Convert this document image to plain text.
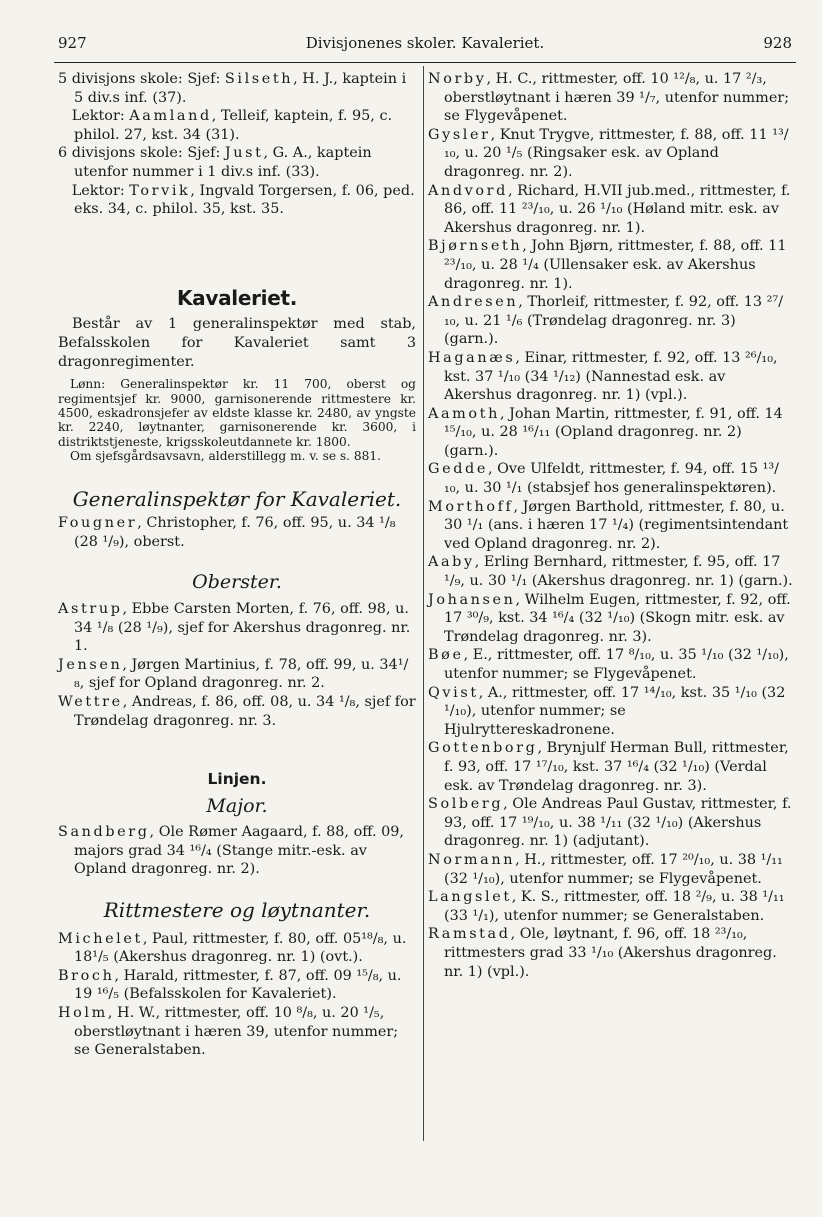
927	Divisjonenes skoler. Kavaleriet.	928

5 divisjons skole: Sjef: Silseth, H. J., kaptein i 5 div.s inf. (37).

Lektor: Aamland, Telleif, kaptein, f. 95, c. philol. 27, kst. 34 (31).

6 divisjons skole: Sjef: Just, G. A., kaptein utenfor nummer i 1 div.s inf. (33).

Lektor: Torvik, Ingvald Torgersen, f. 06, ped. eks. 34, c. philol. 35, kst. 35.

Kavaleriet.

Består av 1 generalinspektør med stab, Befalsskolen for Kavaleriet samt 3 dragonregimenter.

Lønn: Generalinspektør kr. 11 700, oberst og regimentsjef kr. 9000, garnisonerende rittmestere kr. 4500, eskadronsjefer av eldste klasse kr. 2480, av yngste kr. 2240, løytnanter, garnisonerende kr. 3600, i distriktstjeneste, krigsskoleutdannete kr. 1800.

Om sjefsgårdsavsavn, alderstillegg m. v. se s. 881.

Generalinspektør for Kavaleriet.

Fougner, Christopher, f. 76, off. 95, u. 34 ¹/₈ (28 ¹/₉), oberst.

Oberster.

Astrup, Ebbe Carsten Morten, f. 76, off. 98, u. 34 ¹/₈ (28 ¹/₉), sjef for Akershus dragonreg. nr. 1.

Jensen, Jørgen Martinius, f. 78, off. 99, u. 34¹/₈, sjef for Opland dragonreg. nr. 2.

Wettre, Andreas, f. 86, off. 08, u. 34 ¹/₈, sjef for Trøndelag dragonreg. nr. 3.

Linjen.

Major.

Sandberg, Ole Rømer Aagaard, f. 88, off. 09, majors grad 34 ¹⁶/₄ (Stange mitr.-esk. av Opland dragonreg. nr. 2).

Rittmestere og løytnanter.

Michelet, Paul, rittmester, f. 80, off. 05¹⁸/₈, u. 18¹/₅ (Akershus dragonreg. nr. 1) (ovt.).

Broch, Harald, rittmester, f. 87, off. 09 ¹⁵/₈, u. 19 ¹⁶/₅ (Befalsskolen for Kavaleriet).

Holm, H. W., rittmester, off. 10 ⁸/₈, u. 20 ¹/₅, oberstløytnant i hæren 39, utenfor nummer; se Generalstaben.

Norby, H. C., rittmester, off. 10 ¹²/₈, u. 17 ²/₃, oberstløytnant i hæren 39 ¹/₇, utenfor nummer; se Flygevåpenet.

Gysler, Knut Trygve, rittmester, f. 88, off. 11 ¹³/₁₀, u. 20 ¹/₅ (Ringsaker esk. av Opland dragonreg. nr. 2).

Andvord, Richard, H.VII jub.med., rittmester, f. 86, off. 11 ²³/₁₀, u. 26 ¹/₁₀ (Høland mitr. esk. av Akershus dragonreg. nr. 1).

Bjørnseth, John Bjørn, rittmester, f. 88, off. 11 ²³/₁₀, u. 28 ¹/₄ (Ullensaker esk. av Akershus dragonreg. nr. 1).

Andresen, Thorleif, rittmester, f. 92, off. 13 ²⁷/₁₀, u. 21 ¹/₆ (Trøndelag dragonreg. nr. 3) (garn.).

Haganæs, Einar, rittmester, f. 92, off. 13 ²⁶/₁₀, kst. 37 ¹/₁₀ (34 ¹/₁₂) (Nannestad esk. av Akershus dragonreg. nr. 1) (vpl.).

Aamoth, Johan Martin, rittmester, f. 91, off. 14 ¹⁵/₁₀, u. 28 ¹⁶/₁₁ (Opland dragonreg. nr. 2) (garn.).

Gedde, Ove Ulfeldt, rittmester, f. 94, off. 15 ¹³/₁₀, u. 30 ¹/₁ (stabsjef hos generalinspektøren).

Morthoff, Jørgen Barthold, rittmester, f. 80, u. 30 ¹/₁ (ans. i hæren 17 ¹/₄) (regimentsintendant ved Opland dragonreg. nr. 2).

Aaby, Erling Bernhard, rittmester, f. 95, off. 17 ¹/₉, u. 30 ¹/₁ (Akershus dragonreg. nr. 1) (garn.).

Johansen, Wilhelm Eugen, rittmester, f. 92, off. 17 ³⁰/₉, kst. 34 ¹⁶/₄ (32 ¹/₁₀) (Skogn mitr. esk. av Trøndelag dragonreg. nr. 3).

Bøe, E., rittmester, off. 17 ⁸/₁₀, u. 35 ¹/₁₀ (32 ¹/₁₀), utenfor nummer; se Flygevåpenet.

Qvist, A., rittmester, off. 17 ¹⁴/₁₀, kst. 35 ¹/₁₀ (32 ¹/₁₀), utenfor nummer; se Hjulryttereskadronene.

Gottenborg, Brynjulf Herman Bull, rittmester, f. 93, off. 17 ¹⁷/₁₀, kst. 37 ¹⁶/₄ (32 ¹/₁₀) (Verdal esk. av Trøndelag dragonreg. nr. 3).

Solberg, Ole Andreas Paul Gustav, rittmester, f. 93, off. 17 ¹⁹/₁₀, u. 38 ¹/₁₁ (32 ¹/₁₀) (Akershus dragonreg. nr. 1) (adjutant).

Normann, H., rittmester, off. 17 ²⁰/₁₀, u. 38 ¹/₁₁ (32 ¹/₁₀), utenfor nummer; se Flygevåpenet.

Langslet, K. S., rittmester, off. 18 ²/₉, u. 38 ¹/₁₁ (33 ¹/₁), utenfor nummer; se Generalstaben.

Ramstad, Ole, løytnant, f. 96, off. 18 ²³/₁₀, rittmesters grad 33 ¹/₁₀ (Akershus dragonreg. nr. 1) (vpl.).
